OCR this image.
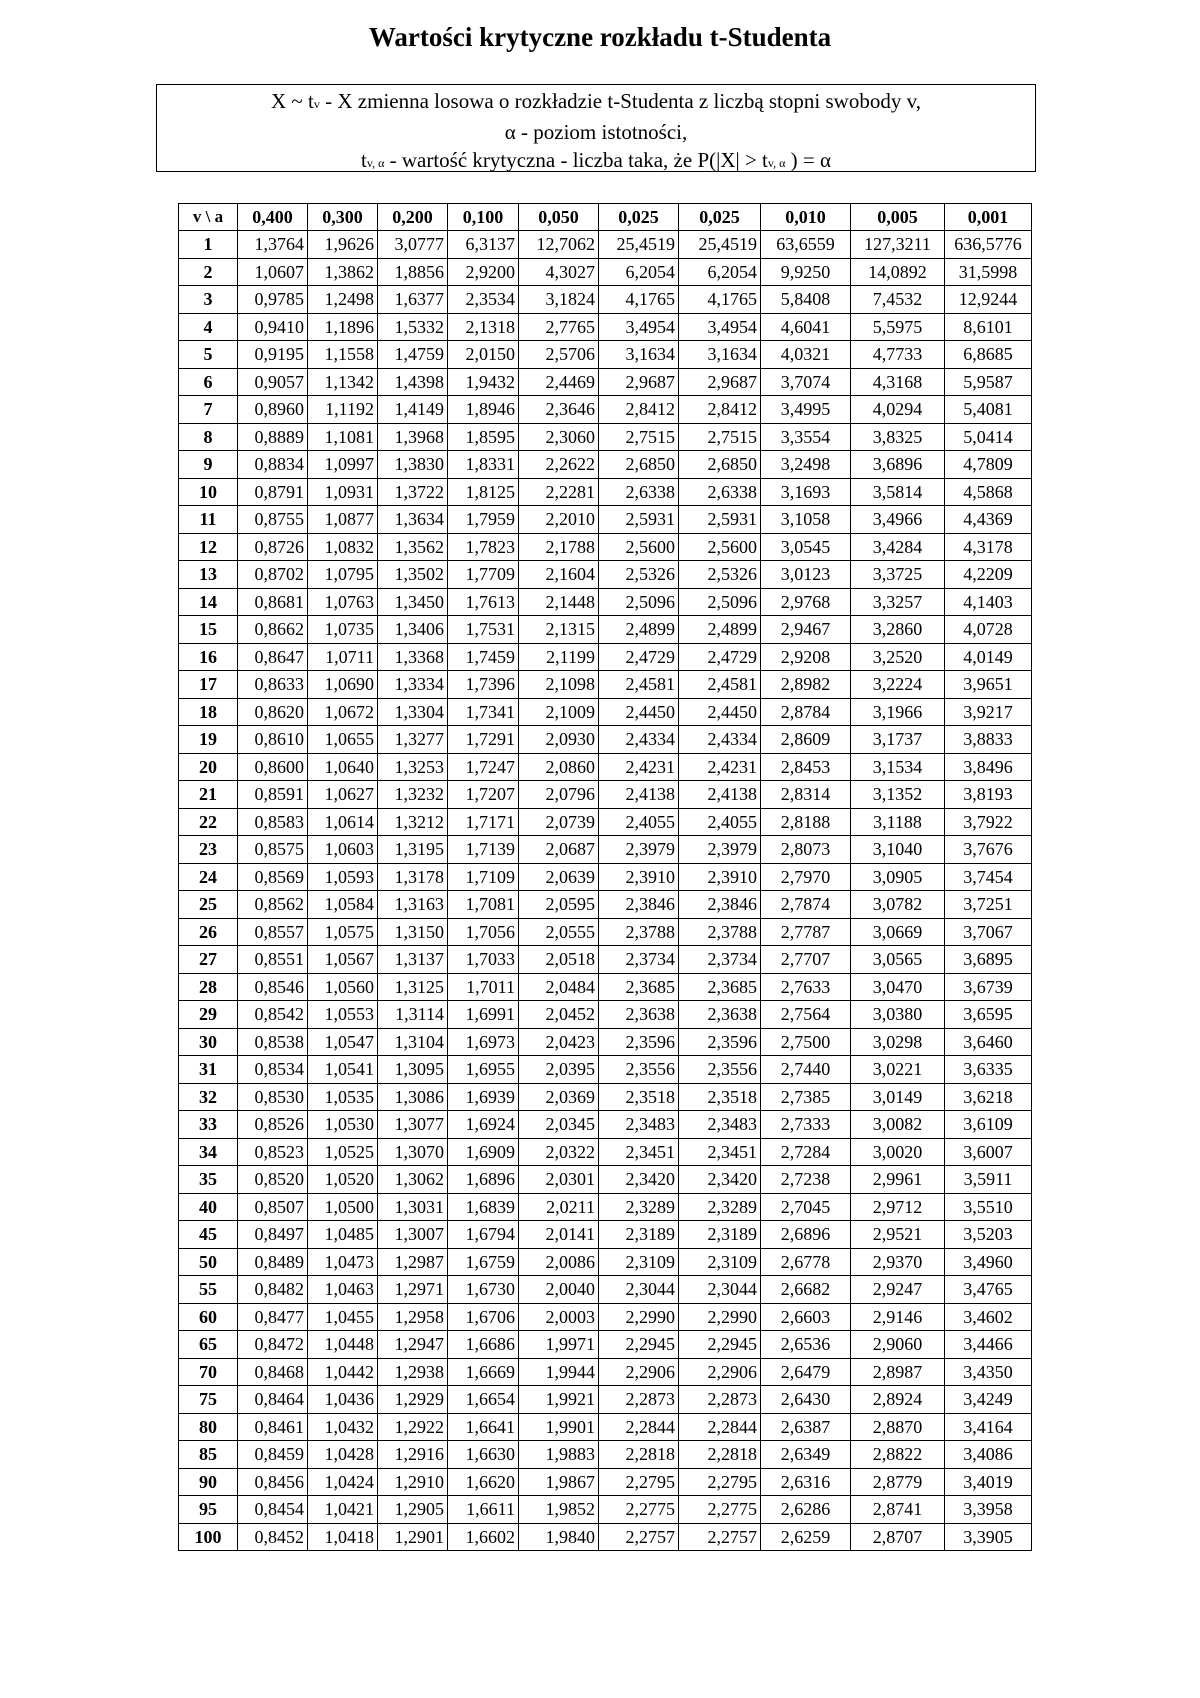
Wartości krytyczne rozkładu t-Studenta
X ~ tv - X zmienna losowa o rozkładzie t-Studenta z liczbą stopni swobody v,
α - poziom istotności,
tv, α - wartość krytyczna - liczba taka, że P(|X| > tv, α ) = α
v \ a	0,400	0,300	0,200	0,100	0,050	0,025	0,025	0,010	0,005	0,001
1	1,3764	1,9626	3,0777	6,3137	12,7062	25,4519	25,4519	63,6559	127,3211	636,5776
2	1,0607	1,3862	1,8856	2,9200	4,3027	6,2054	6,2054	9,9250	14,0892	31,5998
3	0,9785	1,2498	1,6377	2,3534	3,1824	4,1765	4,1765	5,8408	7,4532	12,9244
4	0,9410	1,1896	1,5332	2,1318	2,7765	3,4954	3,4954	4,6041	5,5975	8,6101
5	0,9195	1,1558	1,4759	2,0150	2,5706	3,1634	3,1634	4,0321	4,7733	6,8685
6	0,9057	1,1342	1,4398	1,9432	2,4469	2,9687	2,9687	3,7074	4,3168	5,9587
7	0,8960	1,1192	1,4149	1,8946	2,3646	2,8412	2,8412	3,4995	4,0294	5,4081
8	0,8889	1,1081	1,3968	1,8595	2,3060	2,7515	2,7515	3,3554	3,8325	5,0414
9	0,8834	1,0997	1,3830	1,8331	2,2622	2,6850	2,6850	3,2498	3,6896	4,7809
10	0,8791	1,0931	1,3722	1,8125	2,2281	2,6338	2,6338	3,1693	3,5814	4,5868
11	0,8755	1,0877	1,3634	1,7959	2,2010	2,5931	2,5931	3,1058	3,4966	4,4369
12	0,8726	1,0832	1,3562	1,7823	2,1788	2,5600	2,5600	3,0545	3,4284	4,3178
13	0,8702	1,0795	1,3502	1,7709	2,1604	2,5326	2,5326	3,0123	3,3725	4,2209
14	0,8681	1,0763	1,3450	1,7613	2,1448	2,5096	2,5096	2,9768	3,3257	4,1403
15	0,8662	1,0735	1,3406	1,7531	2,1315	2,4899	2,4899	2,9467	3,2860	4,0728
16	0,8647	1,0711	1,3368	1,7459	2,1199	2,4729	2,4729	2,9208	3,2520	4,0149
17	0,8633	1,0690	1,3334	1,7396	2,1098	2,4581	2,4581	2,8982	3,2224	3,9651
18	0,8620	1,0672	1,3304	1,7341	2,1009	2,4450	2,4450	2,8784	3,1966	3,9217
19	0,8610	1,0655	1,3277	1,7291	2,0930	2,4334	2,4334	2,8609	3,1737	3,8833
20	0,8600	1,0640	1,3253	1,7247	2,0860	2,4231	2,4231	2,8453	3,1534	3,8496
21	0,8591	1,0627	1,3232	1,7207	2,0796	2,4138	2,4138	2,8314	3,1352	3,8193
22	0,8583	1,0614	1,3212	1,7171	2,0739	2,4055	2,4055	2,8188	3,1188	3,7922
23	0,8575	1,0603	1,3195	1,7139	2,0687	2,3979	2,3979	2,8073	3,1040	3,7676
24	0,8569	1,0593	1,3178	1,7109	2,0639	2,3910	2,3910	2,7970	3,0905	3,7454
25	0,8562	1,0584	1,3163	1,7081	2,0595	2,3846	2,3846	2,7874	3,0782	3,7251
26	0,8557	1,0575	1,3150	1,7056	2,0555	2,3788	2,3788	2,7787	3,0669	3,7067
27	0,8551	1,0567	1,3137	1,7033	2,0518	2,3734	2,3734	2,7707	3,0565	3,6895
28	0,8546	1,0560	1,3125	1,7011	2,0484	2,3685	2,3685	2,7633	3,0470	3,6739
29	0,8542	1,0553	1,3114	1,6991	2,0452	2,3638	2,3638	2,7564	3,0380	3,6595
30	0,8538	1,0547	1,3104	1,6973	2,0423	2,3596	2,3596	2,7500	3,0298	3,6460
31	0,8534	1,0541	1,3095	1,6955	2,0395	2,3556	2,3556	2,7440	3,0221	3,6335
32	0,8530	1,0535	1,3086	1,6939	2,0369	2,3518	2,3518	2,7385	3,0149	3,6218
33	0,8526	1,0530	1,3077	1,6924	2,0345	2,3483	2,3483	2,7333	3,0082	3,6109
34	0,8523	1,0525	1,3070	1,6909	2,0322	2,3451	2,3451	2,7284	3,0020	3,6007
35	0,8520	1,0520	1,3062	1,6896	2,0301	2,3420	2,3420	2,7238	2,9961	3,5911
40	0,8507	1,0500	1,3031	1,6839	2,0211	2,3289	2,3289	2,7045	2,9712	3,5510
45	0,8497	1,0485	1,3007	1,6794	2,0141	2,3189	2,3189	2,6896	2,9521	3,5203
50	0,8489	1,0473	1,2987	1,6759	2,0086	2,3109	2,3109	2,6778	2,9370	3,4960
55	0,8482	1,0463	1,2971	1,6730	2,0040	2,3044	2,3044	2,6682	2,9247	3,4765
60	0,8477	1,0455	1,2958	1,6706	2,0003	2,2990	2,2990	2,6603	2,9146	3,4602
65	0,8472	1,0448	1,2947	1,6686	1,9971	2,2945	2,2945	2,6536	2,9060	3,4466
70	0,8468	1,0442	1,2938	1,6669	1,9944	2,2906	2,2906	2,6479	2,8987	3,4350
75	0,8464	1,0436	1,2929	1,6654	1,9921	2,2873	2,2873	2,6430	2,8924	3,4249
80	0,8461	1,0432	1,2922	1,6641	1,9901	2,2844	2,2844	2,6387	2,8870	3,4164
85	0,8459	1,0428	1,2916	1,6630	1,9883	2,2818	2,2818	2,6349	2,8822	3,4086
90	0,8456	1,0424	1,2910	1,6620	1,9867	2,2795	2,2795	2,6316	2,8779	3,4019
95	0,8454	1,0421	1,2905	1,6611	1,9852	2,2775	2,2775	2,6286	2,8741	3,3958
100	0,8452	1,0418	1,2901	1,6602	1,9840	2,2757	2,2757	2,6259	2,8707	3,3905
